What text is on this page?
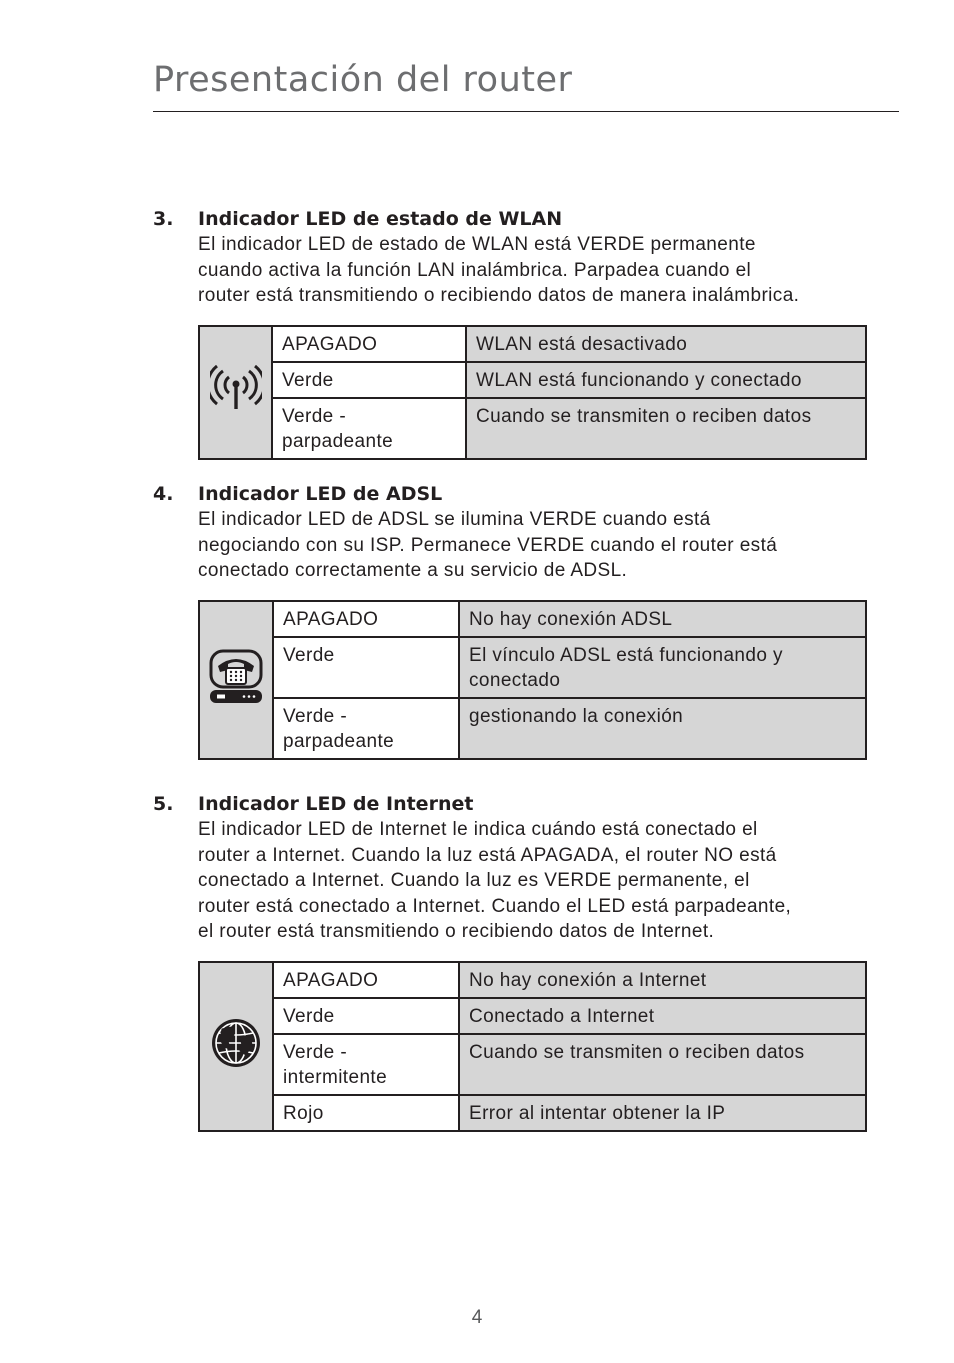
Presentación del router
3. Indicador LED de estado de WLAN
El indicador LED de estado de WLAN está VERDE permanente
cuando activa la función LAN inalámbrica. Parpadea cuando el
router está transmitiendo o recibiendo datos de manera inalámbrica.
	APAGADO	WLAN está desactivado
	Verde	WLAN está funcionando y conectado
	Verde - parpadeante	Cuando se transmiten o reciben datos
4. Indicador LED de ADSL
El indicador LED de ADSL se ilumina VERDE cuando está
negociando con su ISP. Permanece VERDE cuando el router está
conectado correctamente a su servicio de ADSL.
	APAGADO	No hay conexión ADSL
	Verde	El vínculo ADSL está funcionando y conectado
	Verde - parpadeante	gestionando la conexión
5. Indicador LED de Internet
El indicador LED de Internet le indica cuándo está conectado el
router a Internet. Cuando la luz está APAGADA, el router NO está
conectado a Internet. Cuando la luz es VERDE permanente, el
router está conectado a Internet. Cuando el LED está parpadeante,
el router está transmitiendo o recibiendo datos de Internet.
	APAGADO	No hay conexión a Internet
	Verde	Conectado a Internet
	Verde - intermitente	Cuando se transmiten o reciben datos
	Rojo	Error al intentar obtener la IP
4
